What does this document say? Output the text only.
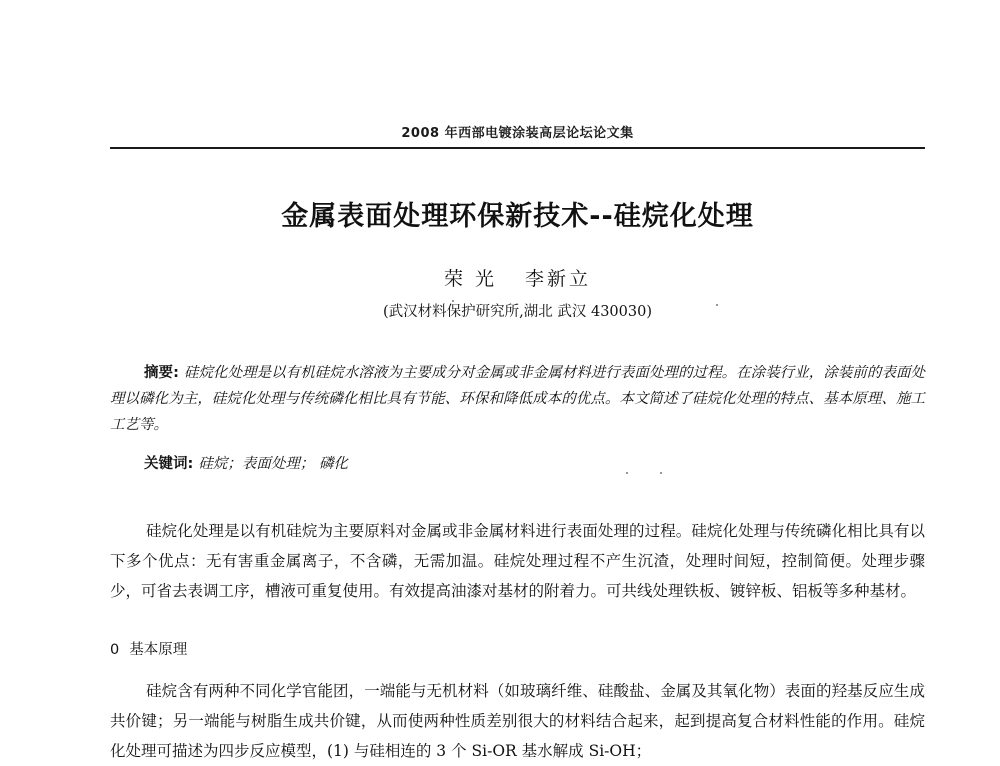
2008 年西部电镀涂装高层论坛论文集
金属表面处理环保新技术--硅烷化处理
荣 光 李新立
(武汉材料保护研究所,湖北 武汉 430030)
摘要: 硅烷化处理是以有机硅烷水溶液为主要成分对金属或非金属材料进行表面处理的过程。在涂装行业，涂装前的表面处理以磷化为主，硅烷化处理与传统磷化相比具有节能、环保和降低成本的优点。本文简述了硅烷化处理的特点、基本原理、施工工艺等。
关键词: 硅烷；表面处理； 磷化
硅烷化处理是以有机硅烷为主要原料对金属或非金属材料进行表面处理的过程。硅烷化处理与传统磷化相比具有以下多个优点：无有害重金属离子，不含磷，无需加温。硅烷处理过程不产生沉渣，处理时间短，控制简便。处理步骤少，可省去表调工序，槽液可重复使用。有效提高油漆对基材的附着力。可共线处理铁板、镀锌板、铝板等多种基材。
0 基本原理
硅烷含有两种不同化学官能团，一端能与无机材料（如玻璃纤维、硅酸盐、金属及其氧化物）表面的羟基反应生成共价键；另一端能与树脂生成共价键，从而使两种性质差别很大的材料结合起来，起到提高复合材料性能的作用。硅烷化处理可描述为四步反应模型，(1) 与硅相连的 3 个 Si-OR 基水解成 Si-OH；
